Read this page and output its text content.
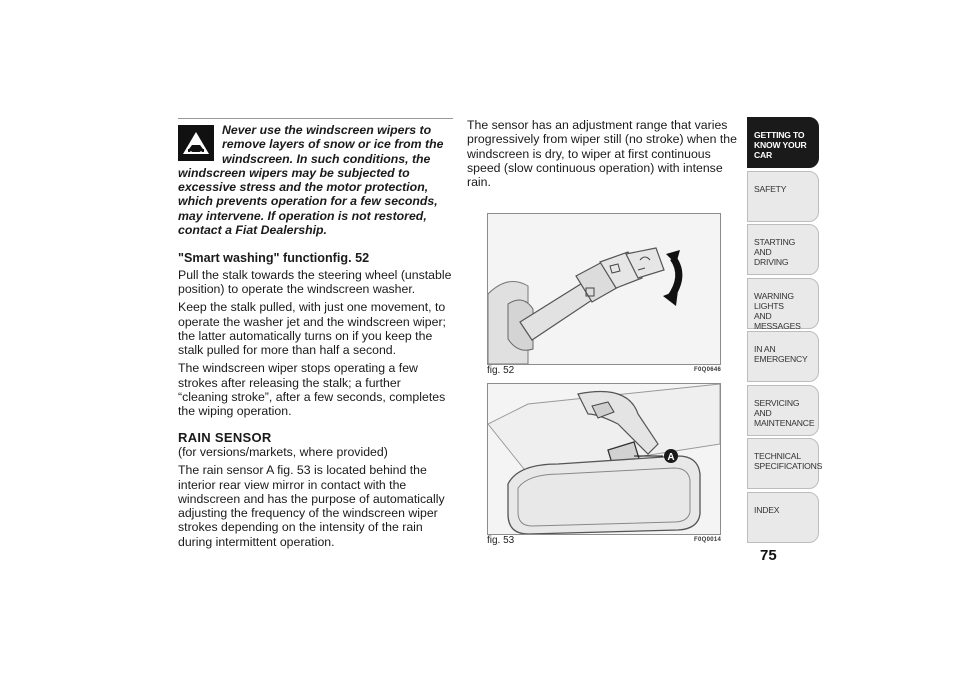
Never use the windscreen wipers to remove layers of snow or ice from the windscreen. In such conditions, the windscreen wipers may be subjected to excessive stress and the motor protection, which prevents operation for a few seconds, may intervene. If operation is not restored, contact a Fiat Dealership.
"Smart washing" functionfig. 52

Pull the stalk towards the steering wheel (unstable position) to operate the windscreen washer.

Keep the stalk pulled, with just one movement, to operate the washer jet and the windscreen wiper; the latter automatically turns on if you keep the stalk pulled for more than half a second.

The windscreen wiper stops operating a few strokes after releasing the stalk; a further “cleaning stroke”, after a few seconds, completes the wiping operation.

RAIN SENSOR

(for versions/markets, where provided)

The rain sensor A fig. 53 is located behind the interior rear view mirror in contact with the windscreen and has the purpose of automatically adjusting the frequency of the windscreen wiper strokes depending on the intensity of the rain during intermittent operation.

The sensor has an adjustment range that varies progressively from wiper still (no stroke) when the windscreen is dry, to wiper at first continuous speed (slow continuous operation) with intense rain.

fig. 52	F0Q0646
A
fig. 53	F0Q0014
GETTING TO
KNOW YOUR CAR
SAFETY
STARTING AND
DRIVING
WARNING LIGHTS
AND MESSAGES
IN AN EMERGENCY
SERVICING AND
MAINTENANCE
TECHNICAL
SPECIFICATIONS
INDEX
75
